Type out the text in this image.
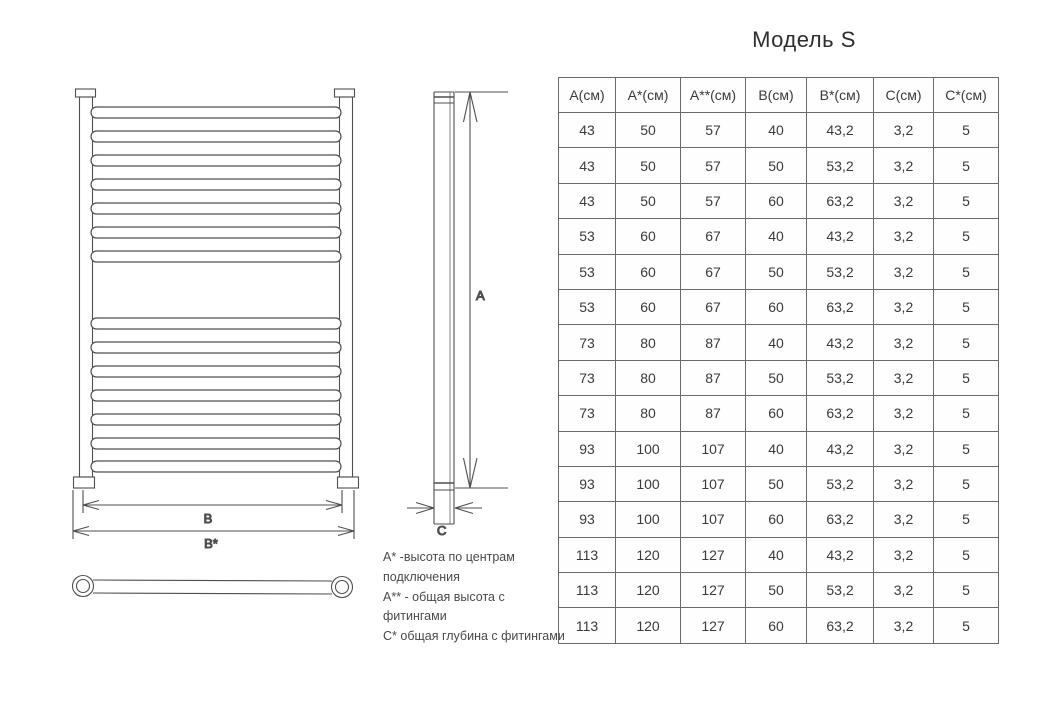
В
В*
А
С
Модель S
А(см)	А*(см)	А**(см)	В(см)	В*(см)	С(см)	С*(см)
43	50	57	40	43,2	3,2	5
43	50	57	50	53,2	3,2	5
43	50	57	60	63,2	3,2	5
53	60	67	40	43,2	3,2	5
53	60	67	50	53,2	3,2	5
53	60	67	60	63,2	3,2	5
73	80	87	40	43,2	3,2	5
73	80	87	50	53,2	3,2	5
73	80	87	60	63,2	3,2	5
93	100	107	40	43,2	3,2	5
93	100	107	50	53,2	3,2	5
93	100	107	60	63,2	3,2	5
113	120	127	40	43,2	3,2	5
113	120	127	50	53,2	3,2	5
113	120	127	60	63,2	3,2	5
А* -высота по центрам подключения
А** - общая высота с фитингами
С* общая глубина с фитингами
